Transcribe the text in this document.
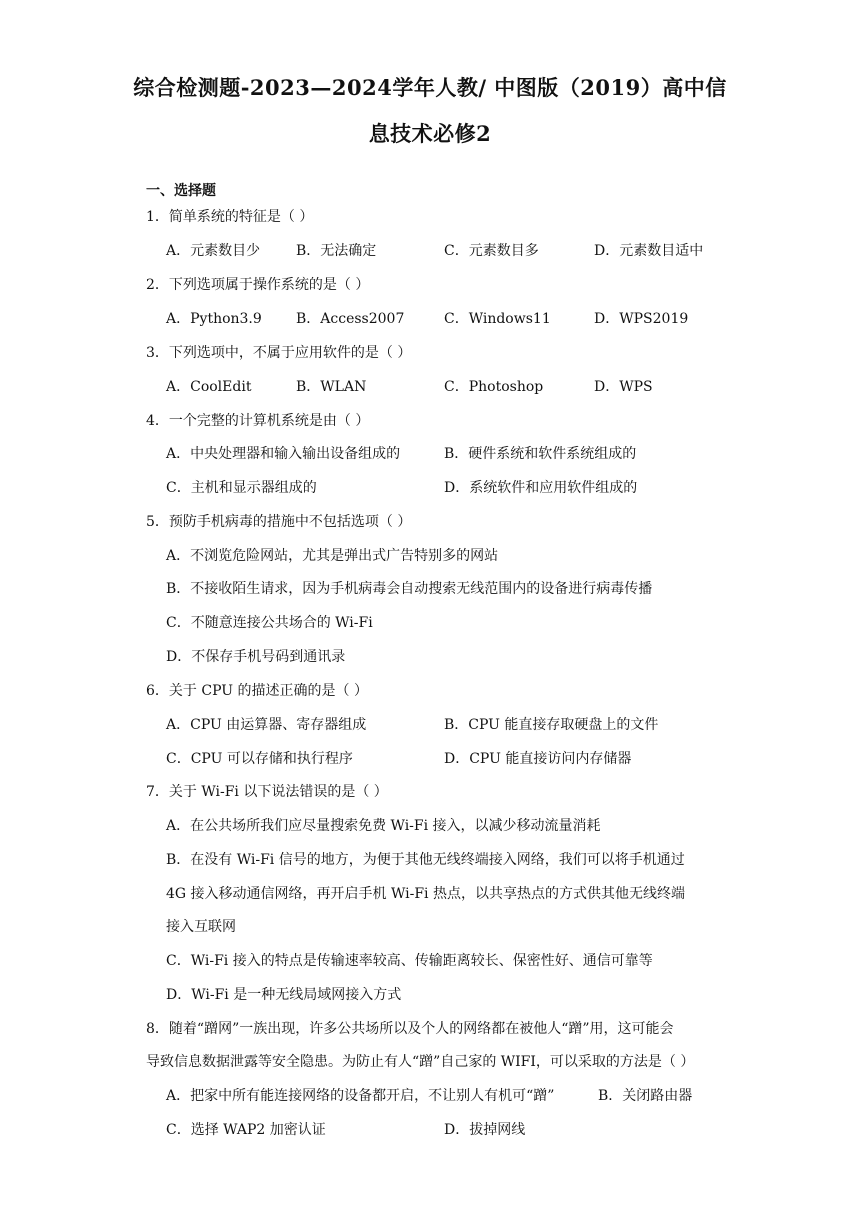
综合检测题-2023—2024学年人教/ 中图版（2019）高中信
息技术必修2
一、选择题
1．简单系统的特征是（ ）
A．元素数目少	B．无法确定	C．元素数目多	D．元素数目适中
2．下列选项属于操作系统的是（ ）
A．Python3.9 B．Access2007	C．Windows11	D．WPS2019
3．下列选项中，不属于应用软件的是（ ）
A．CoolEdit	B．WLAN	C．Photoshop	D．WPS
4．一个完整的计算机系统是由（ ）
A．中央处理器和输入输出设备组成的	B．硬件系统和软件系统组成的
C．主机和显示器组成的	D．系统软件和应用软件组成的
5．预防手机病毒的措施中不包括选项（ ）
A．不浏览危险网站，尤其是弹出式广告特别多的网站
B．不接收陌生请求，因为手机病毒会自动搜索无线范围内的设备进行病毒传播
C．不随意连接公共场合的 Wi-Fi
D．不保存手机号码到通讯录
6．关于 CPU 的描述正确的是（ ）
A．CPU 由运算器、寄存器组成	B．CPU 能直接存取硬盘上的文件
C．CPU 可以存储和执行程序	D．CPU 能直接访问内存储器
7．关于 Wi-Fi 以下说法错误的是（ ）
A．在公共场所我们应尽量搜索免费 Wi-Fi 接入，以减少移动流量消耗
B．在没有 Wi-Fi 信号的地方，为便于其他无线终端接入网络，我们可以将手机通过
4G 接入移动通信网络，再开启手机 Wi-Fi 热点，以共享热点的方式供其他无线终端
接入互联网
C．Wi-Fi 接入的特点是传输速率较高、传输距离较长、保密性好、通信可靠等
D．Wi-Fi 是一种无线局域网接入方式
8．随着“蹭网”一族出现，许多公共场所以及个人的网络都在被他人“蹭”用，这可能会
导致信息数据泄露等安全隐患。为防止有人“蹭”自己家的 WIFI，可以采取的方法是（ ）
A．把家中所有能连接网络的设备都开启，不让别人有机可“蹭”	B．关闭路由器
C．选择 WAP2 加密认证	D．拔掉网线
